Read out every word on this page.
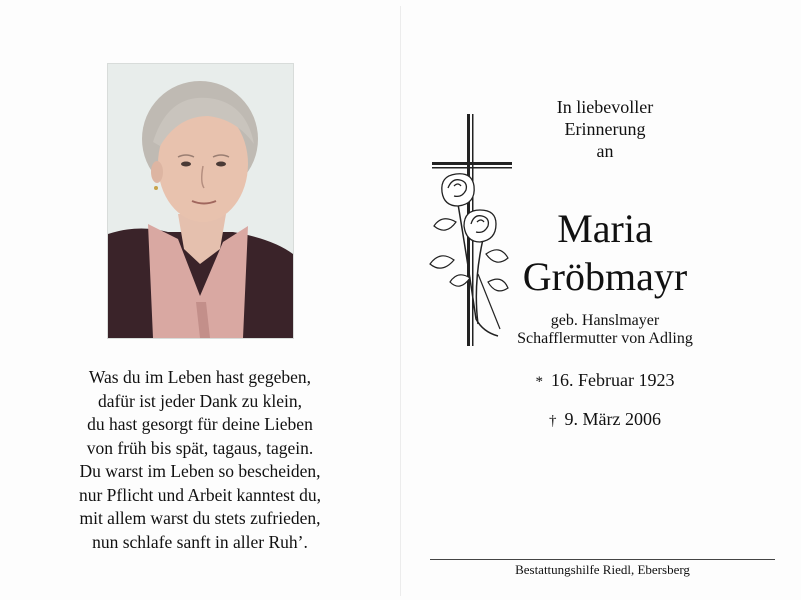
Was du im Leben hast gegeben,
dafür ist jeder Dank zu klein,
du hast gesorgt für deine Lieben
von früh bis spät, tagaus, tagein.
Du warst im Leben so bescheiden,
nur Pflicht und Arbeit kanntest du,
mit allem warst du stets zufrieden,
nun schlafe sanft in aller Ruh’.
In liebevoller
Erinnerung
an
Maria
Gröbmayr
geb. Hanslmayer
Schafflermutter von Adling
* 16. Februar 1923
† 9. März 2006
Bestattungshilfe Riedl, Ebersberg
